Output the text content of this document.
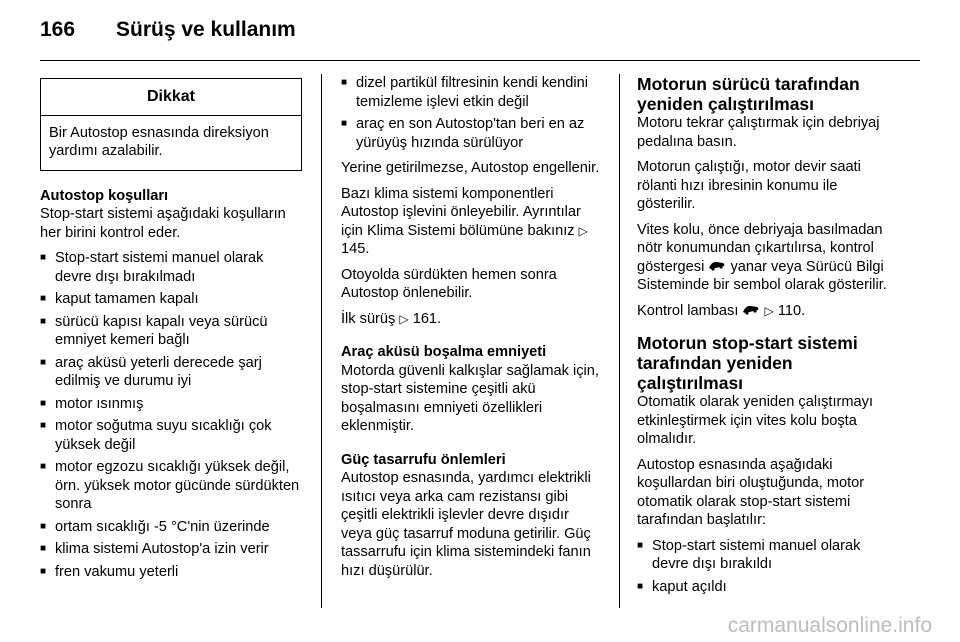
166 Sürüş ve kullanım
Dikkat
Bir Autostop esnasında direksiyon yardımı azalabilir.
Autostop koşulları

Stop-start sistemi aşağıdaki koşulların her birini kontrol eder.

■ Stop-start sistemi manuel olarak devre dışı bırakılmadı
■ kaput tamamen kapalı
■ sürücü kapısı kapalı veya sürücü emniyet kemeri bağlı
■ araç aküsü yeterli derecede şarj edilmiş ve durumu iyi
■ motor ısınmış
■ motor soğutma suyu sıcaklığı çok yüksek değil
■ motor egzozu sıcaklığı yüksek değil, örn. yüksek motor gücünde sürdükten sonra
■ ortam sıcaklığı -5 °C'nin üzerinde
■ klima sistemi Autostop'a izin verir
■ fren vakumu yeterli
■ dizel partikül filtresinin kendi kendini temizleme işlevi etkin değil
■ araç en son Autostop'tan beri en az yürüyüş hızında sürülüyor

Yerine getirilmezse, Autostop engellenir.

Bazı klima sistemi komponentleri Autostop işlevini önleyebilir. Ayrıntılar için Klima Sistemi bölümüne bakınız ▷ 145.

Otoyolda sürdükten hemen sonra Autostop önlenebilir.

İlk sürüş ▷ 161.

Araç aküsü boşalma emniyeti

Motorda güvenli kalkışlar sağlamak için, stop-start sistemine çeşitli akü boşalmasını emniyeti özellikleri eklenmiştir.

Güç tasarrufu önlemleri

Autostop esnasında, yardımcı elektrikli ısıtıcı veya arka cam rezistansı gibi çeşitli elektrikli işlevler devre dışıdır veya güç tasarruf moduna getirilir. Güç tassarrufu için klima sistemindeki fanın hızı düşürülür.

Motorun sürücü tarafından yeniden çalıştırılması

Motoru tekrar çalıştırmak için debriyaj pedalına basın.

Motorun çalıştığı, motor devir saati rölanti hızı ibresinin konumu ile gösterilir.

Vites kolu, önce debriyaja basılmadan nötr konumundan çıkartılırsa, kontrol göstergesi yanar veya Sürücü Bilgi Sisteminde bir sembol olarak gösterilir.

Kontrol lambası ▷ 110.

Motorun stop-start sistemi tarafından yeniden çalıştırılması

Otomatik olarak yeniden çalıştırmayı etkinleştirmek için vites kolu boşta olmalıdır.

Autostop esnasında aşağıdaki koşullardan biri oluştuğunda, motor otomatik olarak stop-start sistemi tarafından başlatılır:

■ Stop-start sistemi manuel olarak devre dışı bırakıldı
■ kaput açıldı
carmanualsonline.info
